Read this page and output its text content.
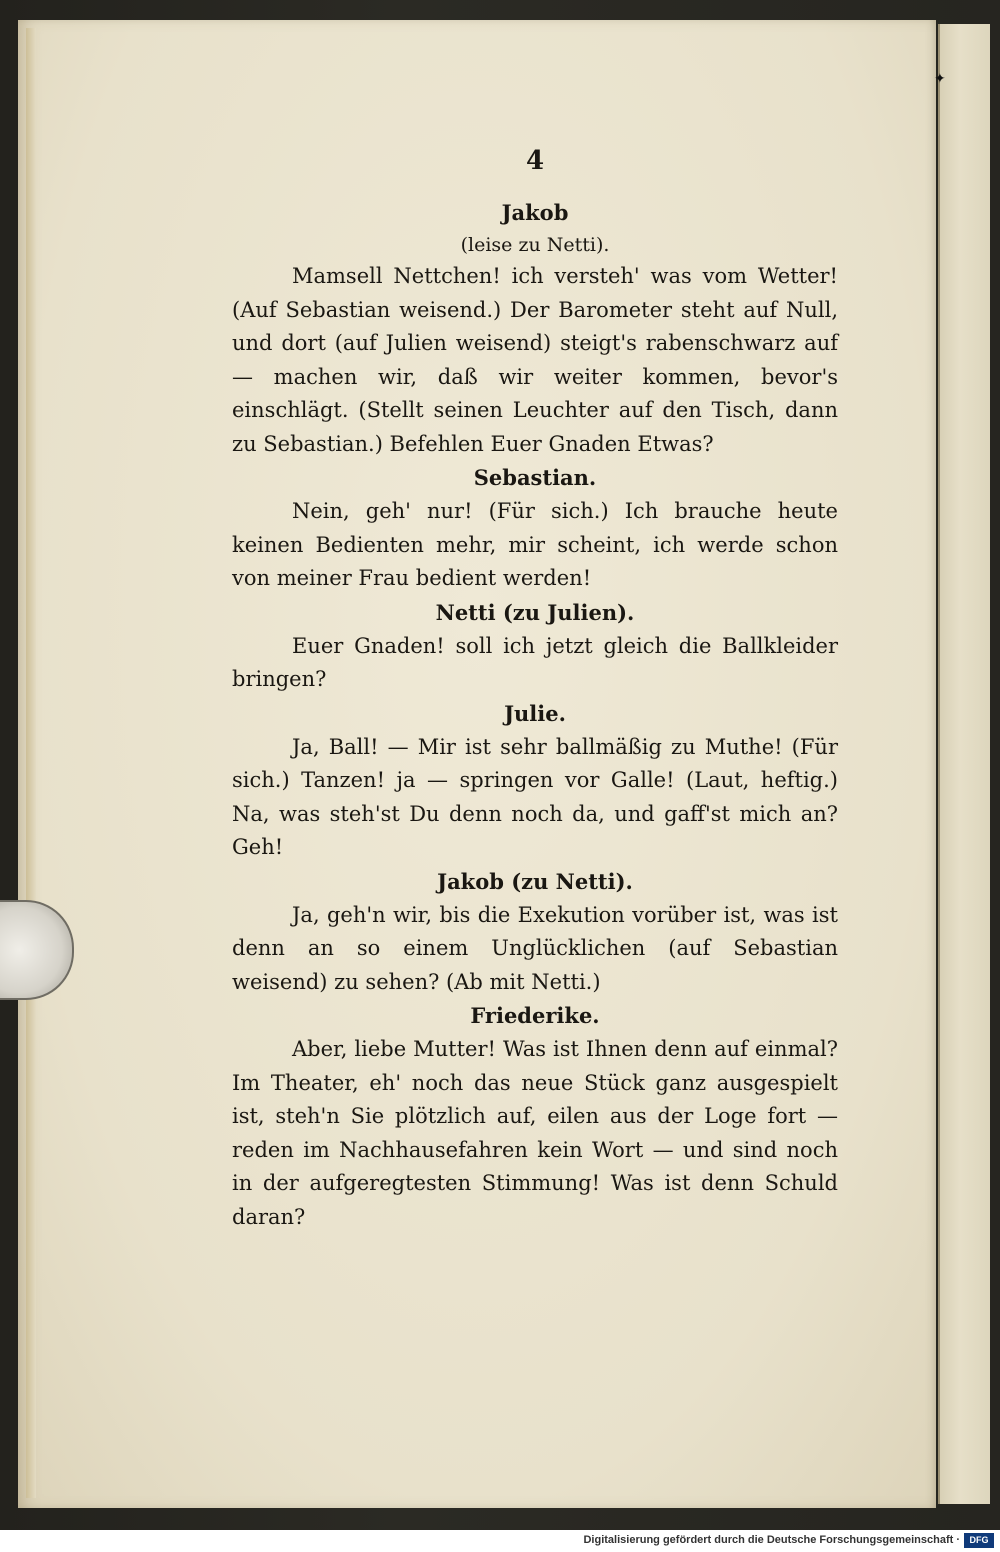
✦
4
Jakob
(leise zu Netti).

Mamsell Nettchen! ich versteh' was vom Wetter! (Auf Sebastian weisend.) Der Barometer steht auf Null, und dort (auf Julien weisend) steigt's rabenschwarz auf — machen wir, daß wir weiter kommen, bevor's einschlägt. (Stellt seinen Leuchter auf den Tisch, dann zu Sebastian.) Befehlen Euer Gnaden Etwas?

Sebastian.

Nein, geh' nur! (Für sich.) Ich brauche heute keinen Bedienten mehr, mir scheint, ich werde schon von meiner Frau bedient werden!

Netti (zu Julien).

Euer Gnaden! soll ich jetzt gleich die Ballkleider bringen?

Julie.

Ja, Ball! — Mir ist sehr ballmäßig zu Muthe! (Für sich.) Tanzen! ja — springen vor Galle! (Laut, heftig.) Na, was steh'st Du denn noch da, und gaff'st mich an? Geh!

Jakob (zu Netti).

Ja, geh'n wir, bis die Exekution vorüber ist, was ist denn an so einem Unglücklichen (auf Sebastian weisend) zu sehen? (Ab mit Netti.)

Friederike.

Aber, liebe Mutter! Was ist Ihnen denn auf einmal? Im Theater, eh' noch das neue Stück ganz ausgespielt ist, steh'n Sie plötzlich auf, eilen aus der Loge fort — reden im Nachhausefahren kein Wort — und sind noch in der aufgeregtesten Stimmung! Was ist denn Schuld daran?

Digitalisierung gefördert durch die Deutsche Forschungsgemeinschaft ·	DFG
